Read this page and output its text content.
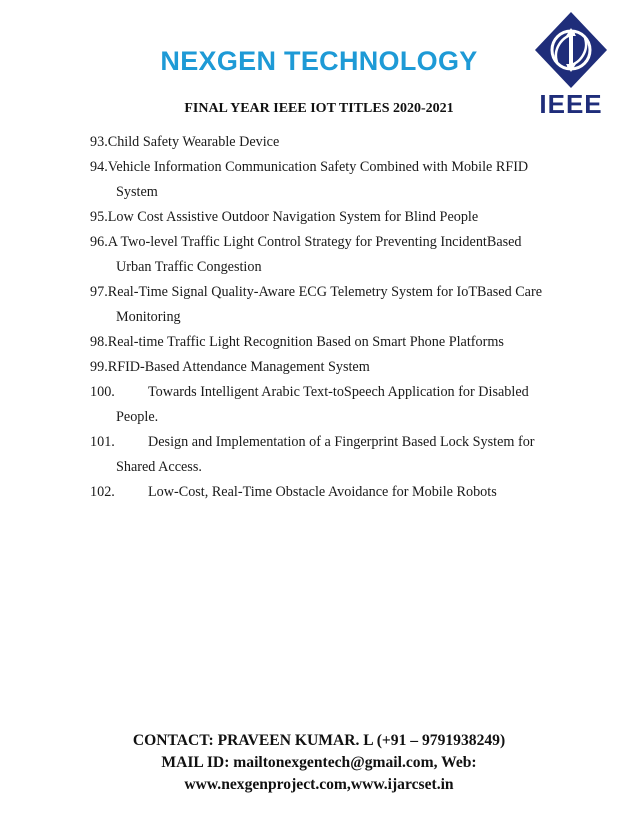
NEXGEN TECHNOLOGY
FINAL YEAR IEEE IOT TITLES 2020-2021	IEEE
93.Child Safety Wearable Device
94.Vehicle Information Communication Safety Combined with Mobile RFID
System
95.Low Cost Assistive Outdoor Navigation System for Blind People
96.A Two-level Traffic Light Control Strategy for Preventing IncidentBased
Urban Traffic Congestion
97.Real-Time Signal Quality-Aware ECG Telemetry System for IoTBased Care
Monitoring
98.Real-time Traffic Light Recognition Based on Smart Phone Platforms
99.RFID-Based Attendance Management System
100. Towards Intelligent Arabic Text-toSpeech Application for Disabled
People.
101. Design and Implementation of a Fingerprint Based Lock System for
Shared Access.
102. Low-Cost, Real-Time Obstacle Avoidance for Mobile Robots
CONTACT: PRAVEEN KUMAR. L (+91 – 9791938249)
MAIL ID: mailtonexgentech@gmail.com, Web:
www.nexgenproject.com,www.ijarcset.in
